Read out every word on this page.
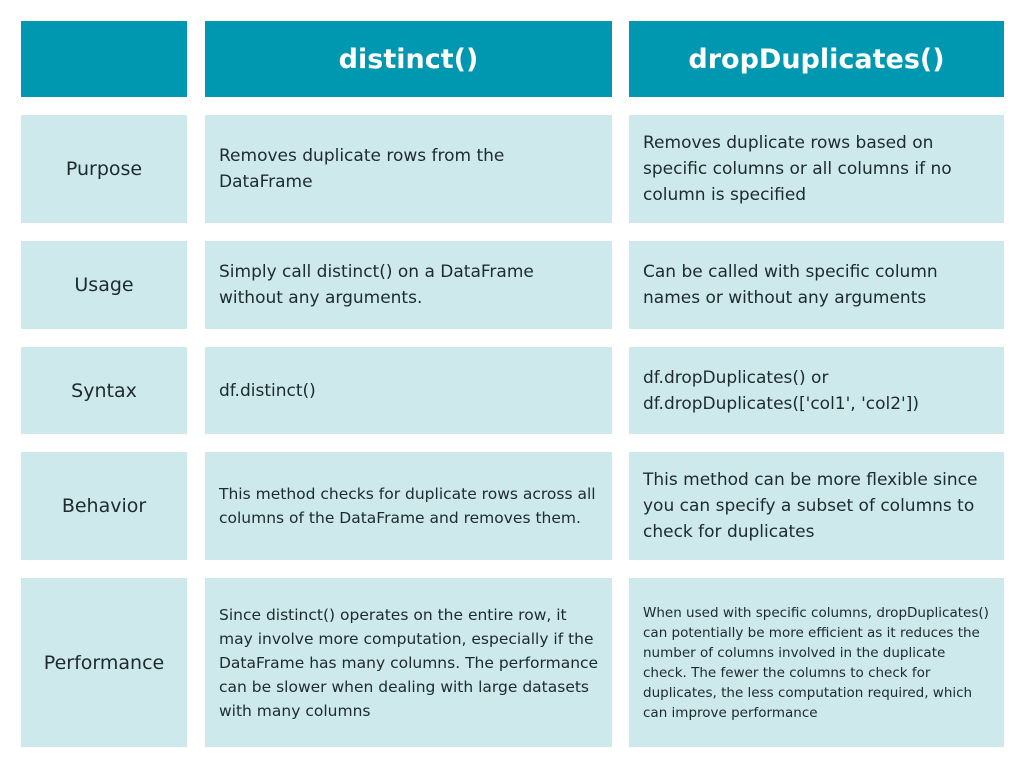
distinct()	dropDuplicates()
Purpose
Removes duplicate rows from the DataFrame
Removes duplicate rows based on specific columns or all columns if no column is specified
Usage
Simply call distinct() on a DataFrame without any arguments.
Can be called with specific column names or without any arguments
Syntax	df.distinct()
df.dropDuplicates() or df.dropDuplicates(['col1', 'col2'])
Behavior
This method checks for duplicate rows across all columns of the DataFrame and removes them.
This method can be more flexible since you can specify a subset of columns to check for duplicates
Performance
Since distinct() operates on the entire row, it may involve more computation, especially if the DataFrame has many columns. The performance can be slower when dealing with large datasets with many columns
When used with specific columns, dropDuplicates() can potentially be more efficient as it reduces the number of columns involved in the duplicate check. The fewer the columns to check for duplicates, the less computation required, which can improve performance
